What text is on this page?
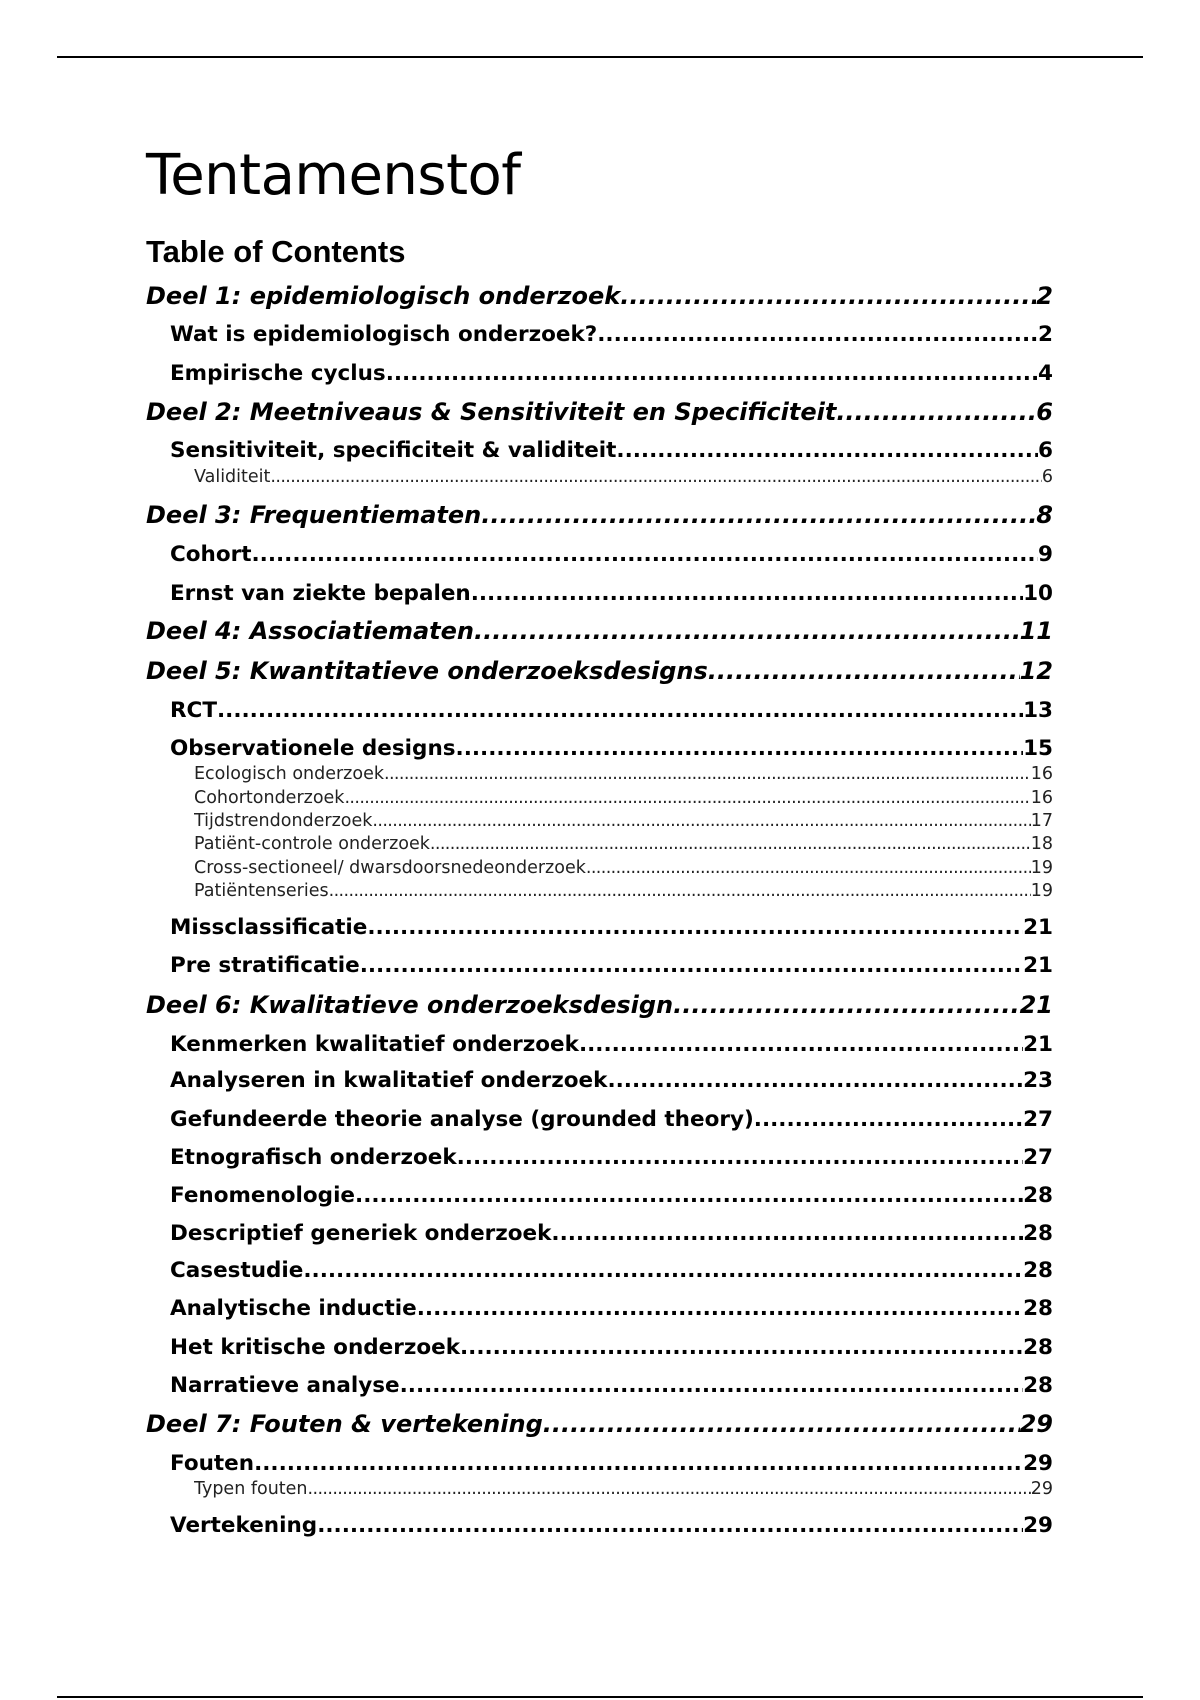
Tentamenstof
Table of Contents
Deel 1: epidemiologisch onderzoek .....	2
Wat is epidemiologisch onderzoek? .....	2
Empirische cyclus .....	4
Deel 2: Meetniveaus & Sensitiviteit en Specificiteit .....	6
Sensitiviteit, specificiteit & validiteit .....	6
Validiteit .....	6
Deel 3: Frequentiematen .....	8
Cohort .....	9
Ernst van ziekte bepalen .....	10
Deel 4: Associatiematen .....	11
Deel 5: Kwantitatieve onderzoeksdesigns .....	12
RCT .....	13
Observationele designs .....	15
Ecologisch onderzoek .....	16
Cohortonderzoek .....	16
Tijdstrendonderzoek .....	17
Patiënt-controle onderzoek .....	18
Cross-sectioneel/ dwarsdoorsnedeonderzoek .....	19
Patiëntenseries .....	19
Missclassificatie .....	21
Pre stratificatie .....	21
Deel 6: Kwalitatieve onderzoeksdesign .....	21
Kenmerken kwalitatief onderzoek .....	21
Analyseren in kwalitatief onderzoek .....	23
Gefundeerde theorie analyse (grounded theory) .....	27
Etnografisch onderzoek .....	27
Fenomenologie .....	28
Descriptief generiek onderzoek .....	28
Casestudie .....	28
Analytische inductie .....	28
Het kritische onderzoek .....	28
Narratieve analyse .....	28
Deel 7: Fouten & vertekening .....	29
Fouten .....	29
Typen fouten .....	29
Vertekening .....	29
